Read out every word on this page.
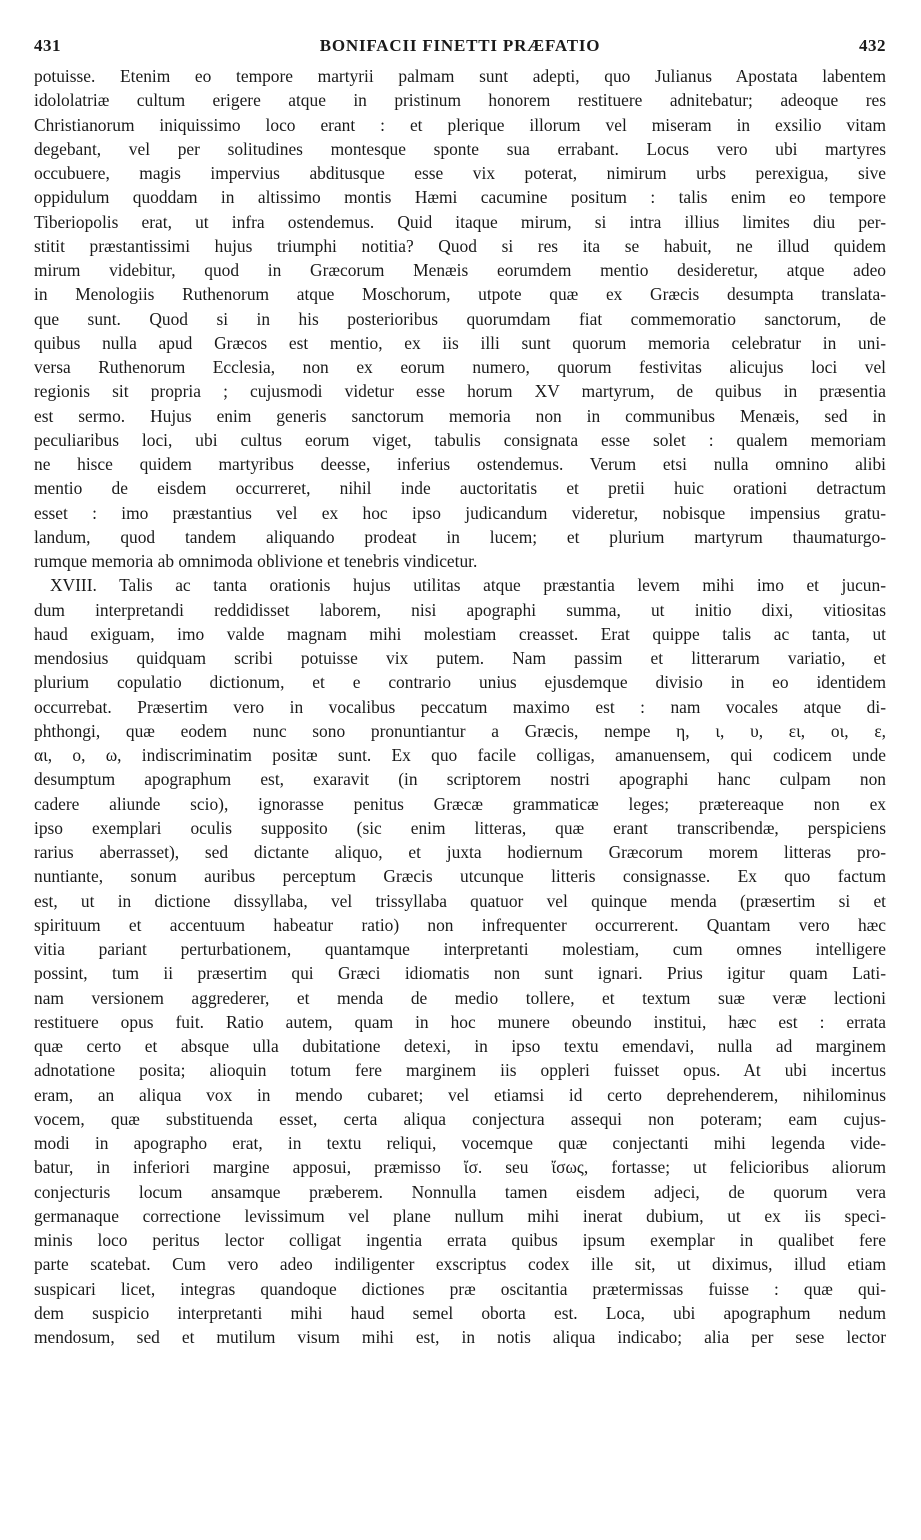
431	BONIFACII FINETTI PRÆFATIO	432
potuisse. Etenim eo tempore martyrii palmam sunt adepti, quo Julianus Apostata labentem
idololatriæ cultum erigere atque in pristinum honorem restituere adnitebatur; adeoque res
Christianorum iniquissimo loco erant : et plerique illorum vel miseram in exsilio vitam
degebant, vel per solitudines montesque sponte sua errabant. Locus vero ubi martyres
occubuere, magis impervius abditusque esse vix poterat, nimirum urbs perexigua, sive
oppidulum quoddam in altissimo montis Hæmi cacumine positum : talis enim eo tempore
Tiberiopolis erat, ut infra ostendemus. Quid itaque mirum, si intra illius limites diu per-
stitit præstantissimi hujus triumphi notitia? Quod si res ita se habuit, ne illud quidem
mirum videbitur, quod in Græcorum Menæis eorumdem mentio desideretur, atque adeo
in Menologiis Ruthenorum atque Moschorum, utpote quæ ex Græcis desumpta translata-
que sunt. Quod si in his posterioribus quorumdam fiat commemoratio sanctorum, de
quibus nulla apud Græcos est mentio, ex iis illi sunt quorum memoria celebratur in uni-
versa Ruthenorum Ecclesia, non ex eorum numero, quorum festivitas alicujus loci vel
regionis sit propria ; cujusmodi videtur esse horum XV martyrum, de quibus in præsentia
est sermo. Hujus enim generis sanctorum memoria non in communibus Menæis, sed in
peculiaribus loci, ubi cultus eorum viget, tabulis consignata esse solet : qualem memoriam
ne hisce quidem martyribus deesse, inferius ostendemus. Verum etsi nulla omnino alibi
mentio de eisdem occurreret, nihil inde auctoritatis et pretii huic orationi detractum
esset : imo præstantius vel ex hoc ipso judicandum videretur, nobisque impensius gratu-
landum, quod tandem aliquando prodeat in lucem; et plurium martyrum thaumaturgo-
rumque memoria ab omnimoda oblivione et tenebris vindicetur.
XVIII. Talis ac tanta orationis hujus utilitas atque præstantia levem mihi imo et jucun-
dum interpretandi reddidisset laborem, nisi apographi summa, ut initio dixi, vitiositas
haud exiguam, imo valde magnam mihi molestiam creasset. Erat quippe talis ac tanta, ut
mendosius quidquam scribi potuisse vix putem. Nam passim et litterarum variatio, et
plurium copulatio dictionum, et e contrario unius ejusdemque divisio in eo identidem
occurrebat. Præsertim vero in vocalibus peccatum maximo est : nam vocales atque di-
phthongi, quæ eodem nunc sono pronuntiantur a Græcis, nempe η, ι, υ, ει, οι, ε,
αι, ο, ω, indiscriminatim positæ sunt. Ex quo facile colligas, amanuensem, qui codicem unde
desumptum apographum est, exaravit (in scriptorem nostri apographi hanc culpam non
cadere aliunde scio), ignorasse penitus Græcæ grammaticæ leges; prætereaque non ex
ipso exemplari oculis supposito (sic enim litteras, quæ erant transcribendæ, perspiciens
rarius aberrasset), sed dictante aliquo, et juxta hodiernum Græcorum morem litteras pro-
nuntiante, sonum auribus perceptum Græcis utcunque litteris consignasse. Ex quo factum
est, ut in dictione dissyllaba, vel trissyllaba quatuor vel quinque menda (præsertim si et
spirituum et accentuum habeatur ratio) non infrequenter occurrerent. Quantam vero hæc
vitia pariant perturbationem, quantamque interpretanti molestiam, cum omnes intelligere
possint, tum ii præsertim qui Græci idiomatis non sunt ignari. Prius igitur quam Lati-
nam versionem aggrederer, et menda de medio tollere, et textum suæ veræ lectioni
restituere opus fuit. Ratio autem, quam in hoc munere obeundo institui, hæc est : errata
quæ certo et absque ulla dubitatione detexi, in ipso textu emendavi, nulla ad marginem
adnotatione posita; alioquin totum fere marginem iis oppleri fuisset opus. At ubi incertus
eram, an aliqua vox in mendo cubaret; vel etiamsi id certo deprehenderem, nihilominus
vocem, quæ substituenda esset, certa aliqua conjectura assequi non poteram; eam cujus-
modi in apographo erat, in textu reliqui, vocemque quæ conjectanti mihi legenda vide-
batur, in inferiori margine apposui, præmisso ἴσ. seu ἴσως, fortasse; ut felicioribus aliorum
conjecturis locum ansamque præberem. Nonnulla tamen eisdem adjeci, de quorum vera
germanaque correctione levissimum vel plane nullum mihi inerat dubium, ut ex iis speci-
minis loco peritus lector colligat ingentia errata quibus ipsum exemplar in qualibet fere
parte scatebat. Cum vero adeo indiligenter exscriptus codex ille sit, ut diximus, illud etiam
suspicari licet, integras quandoque dictiones præ oscitantia prætermissas fuisse : quæ qui-
dem suspicio interpretanti mihi haud semel oborta est. Loca, ubi apographum nedum
mendosum, sed et mutilum visum mihi est, in notis aliqua indicabo; alia per sese lector
